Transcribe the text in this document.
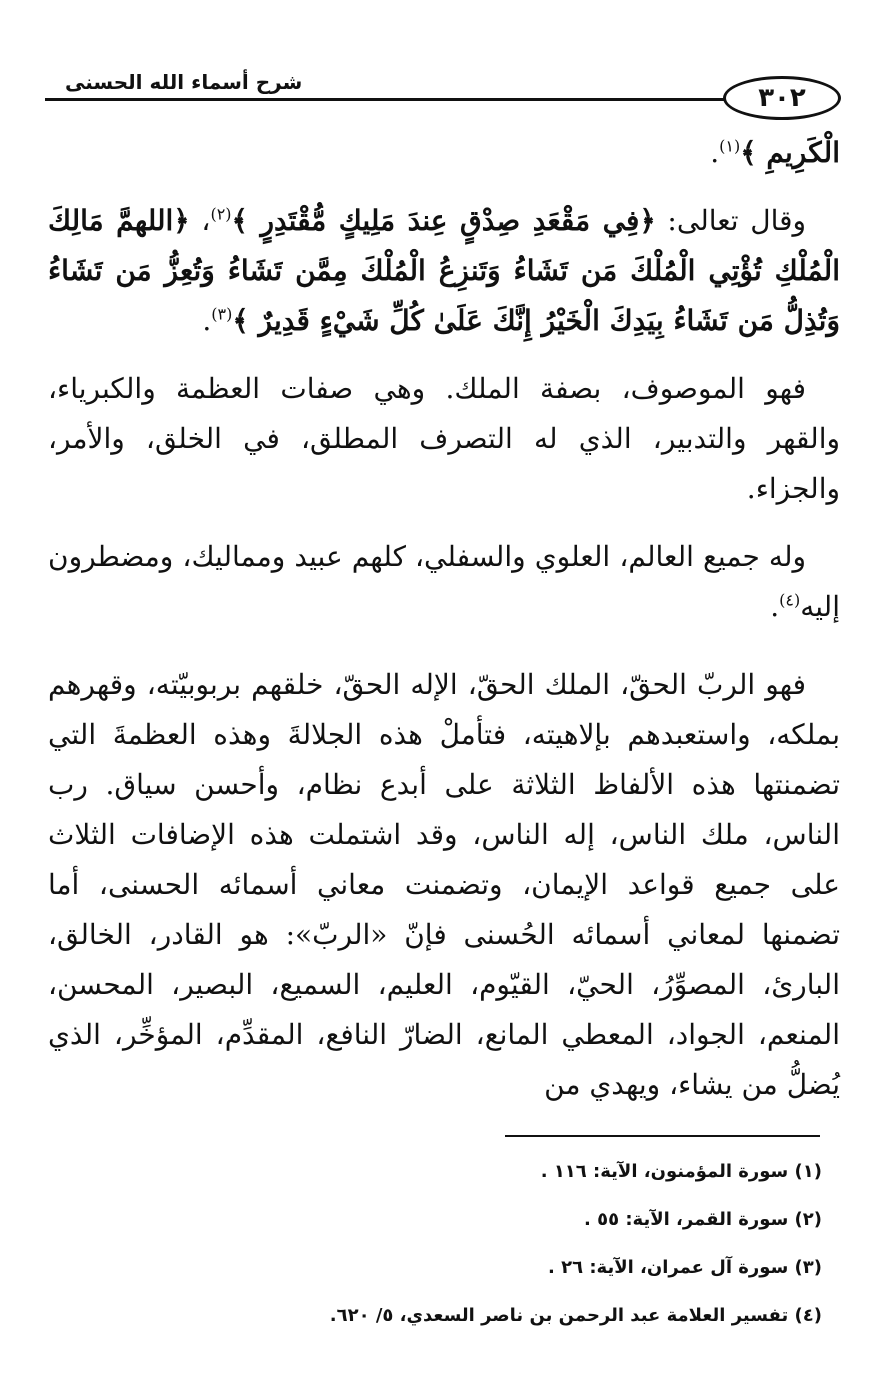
شرح أسماء الله الحسنى
٣٠٢

الْكَرِيمِ ﴾$^{(١)}$.

وقال تعالى: ﴿فِي مَقْعَدِ صِدْقٍ عِندَ مَلِيكٍ مُّقْتَدِرٍ ﴾$^{(٢)}$، ﴿اللهمَّ مَالِكَ الْمُلْكِ تُؤْتِي الْمُلْكَ مَن تَشَاءُ وَتَنزِعُ الْمُلْكَ مِمَّن تَشَاءُ وَتُعِزُّ مَن تَشَاءُ وَتُذِلُّ مَن تَشَاءُ بِيَدِكَ الْخَيْرُ إِنَّكَ عَلَىٰ كُلِّ شَيْءٍ قَدِيرٌ ﴾$^{(٣)}$.

فهو الموصوف، بصفة الملك. وهي صفات العظمة والكبرياء، والقهر والتدبير، الذي له التصرف المطلق، في الخلق، والأمر، والجزاء.

وله جميع العالم، العلوي والسفلي، كلهم عبيد ومماليك، ومضطرون إليه$^{(٤)}$.

فهو الربّ الحقّ، الملك الحقّ، الإله الحقّ، خلقهم بربوبيّته، وقهرهم بملكه، واستعبدهم بإلاهيته، فتأملْ هذه الجلالةَ وهذه العظمةَ التي تضمنتها هذه الألفاظ الثلاثة على أبدع نظام، وأحسن سياق. رب الناس، ملك الناس، إله الناس، وقد اشتملت هذه الإضافات الثلاث على جميع قواعد الإيمان، وتضمنت معاني أسمائه الحسنى، أما تضمنها لمعاني أسمائه الحُسنى فإنّ «الربّ»: هو القادر، الخالق، البارئ، المصوِّرُ، الحيّ، القيّوم، العليم، السميع، البصير، المحسن، المنعم، الجواد، المعطي المانع، الضارّ النافع، المقدِّم، المؤخِّر، الذي يُضلُّ من يشاء، ويهدي من

(١) سورة المؤمنون، الآية: ١١٦ .
(٢) سورة القمر، الآية: ٥٥ .
(٣) سورة آل عمران، الآية: ٢٦ .
(٤) تفسير العلامة عبد الرحمن بن ناصر السعدي، ٥/ ٦٢٠.
